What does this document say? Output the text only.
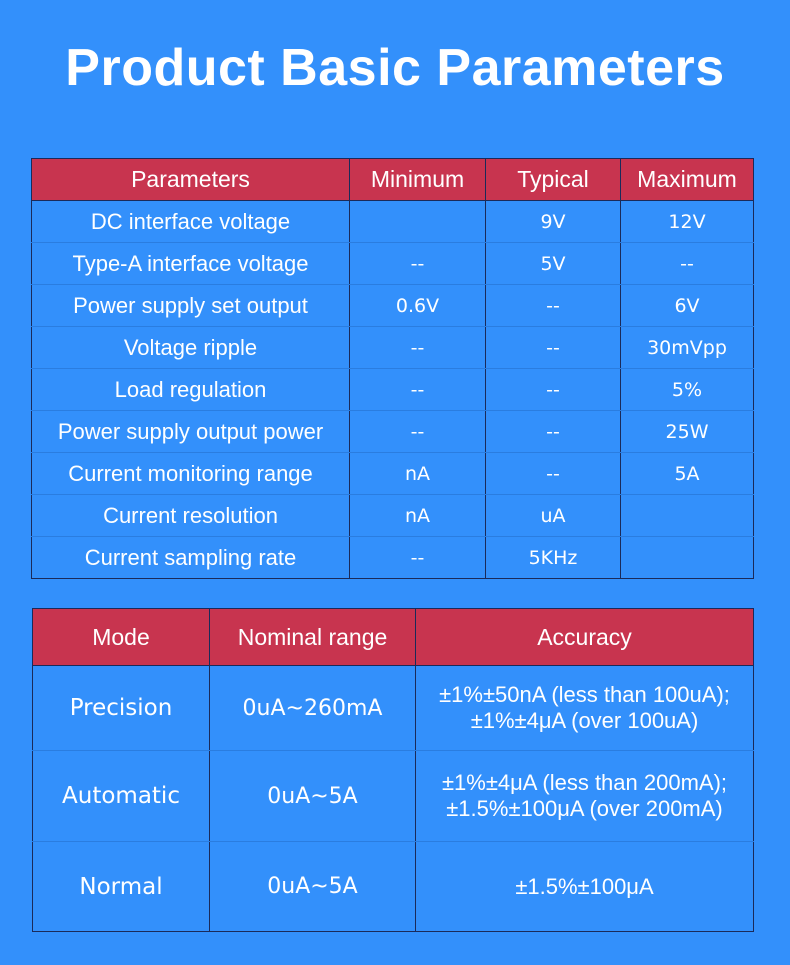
Product Basic Parameters
Parameters	Minimum	Typical	Maximum
DC interface voltage		9V	12V
Type-A interface voltage	--	5V	--
Power supply set output	0.6V	--	6V
Voltage ripple	--	--	30mVpp
Load regulation	--	--	5%
Power supply output power	--	--	25W
Current monitoring range	nA	--	5A
Current resolution	nA	uA	
Current sampling rate	--	5KHz	
Mode	Nominal range	Accuracy
Precision	0uA~260mA	±1%±50nA (less than 100uA);
±1%±4μA (over 100uA)

Automatic	0uA~5A	±1%±4μA (less than 200mA);
±1.5%±100μA (over 200mA)

Normal	0uA~5A	±1.5%±100μA
